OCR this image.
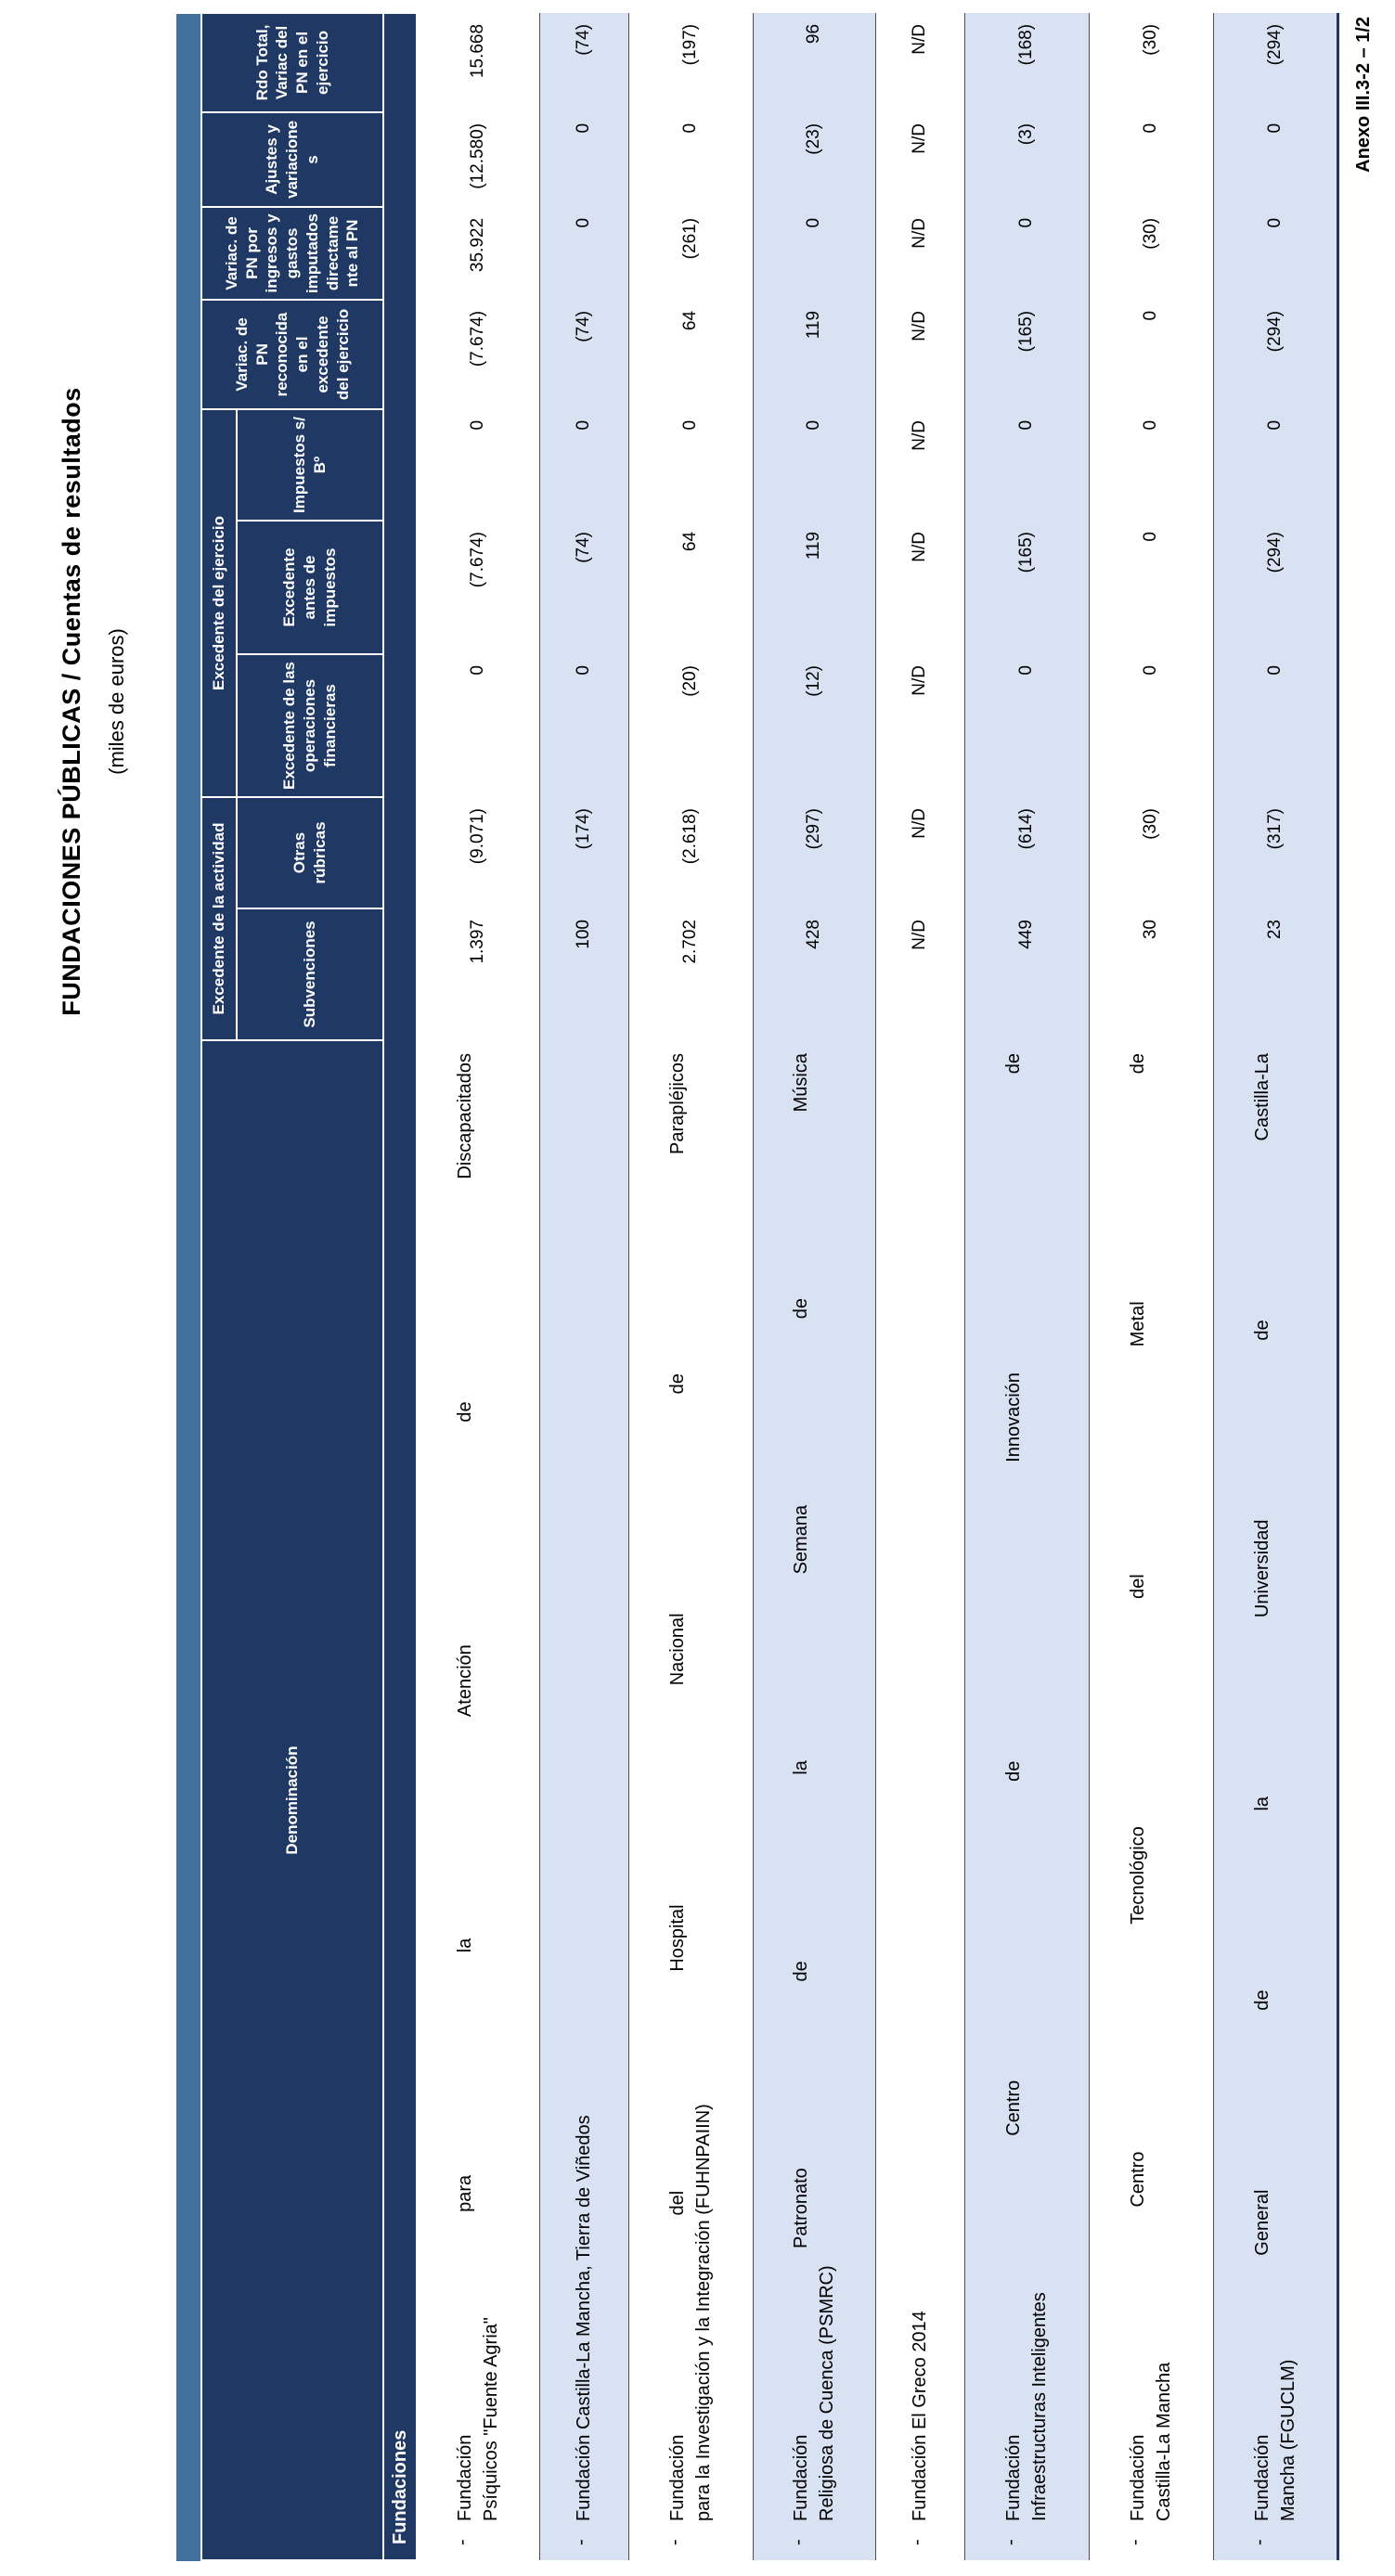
Anexo III.3-2 – 1/2
FUNDACIONES PÚBLICAS / Cuentas de resultados (miles de euros)
Denominación	Excedente de la actividad		Excedente del ejercicio			Variac. de PN reconocida en el excedente del ejercicio	Variac. de PN por ingresos y gastos imputados directamente al PN	Ajustes y variaciones	Rdo Total, Variac del PN en el ejercicio
	Subvenciones	Otras rúbricas	Excedente de las operaciones financieras	Excedente antes de impuestos	Impuestos s/ Bº				
Fundaciones									

-
Fundación para la Atención de Discapacitados Psíquicos "Fuente Agria"	1.397	(9.071)	0	(7.674)	0	(7.674)	35.922	(12.580)	15.668

-
Fundación Castilla-La Mancha, Tierra de Viñedos	100	(174)	0	(74)	0	(74)	0	0	(74)

-
Fundación del Hospital Nacional de Parapléjicos para la Investigación y la Integración (FUHNPAIIN)	2.702	(2.618)	(20)	64	0	64	(261)	0	(197)

-
Fundación Patronato de la Semana de Música Religiosa de Cuenca (PSMRC)	428	(297)	(12)	119	0	119	0	(23)	96

-
Fundación El Greco 2014	N/D	N/D	N/D	N/D	N/D	N/D	N/D	N/D	N/D

-
Fundación Centro de Innovación de Infraestructuras Inteligentes	449	(614)	0	(165)	0	(165)	0	(3)	(168)

-
Fundación Centro Tecnológico del Metal de Castilla-La Mancha	30	(30)	0	0	0	0	(30)	0	(30)

-
Fundación General de la Universidad de Castilla-La Mancha (FGUCLM)	23	(317)	0	(294)	0	(294)	0	0	(294)
